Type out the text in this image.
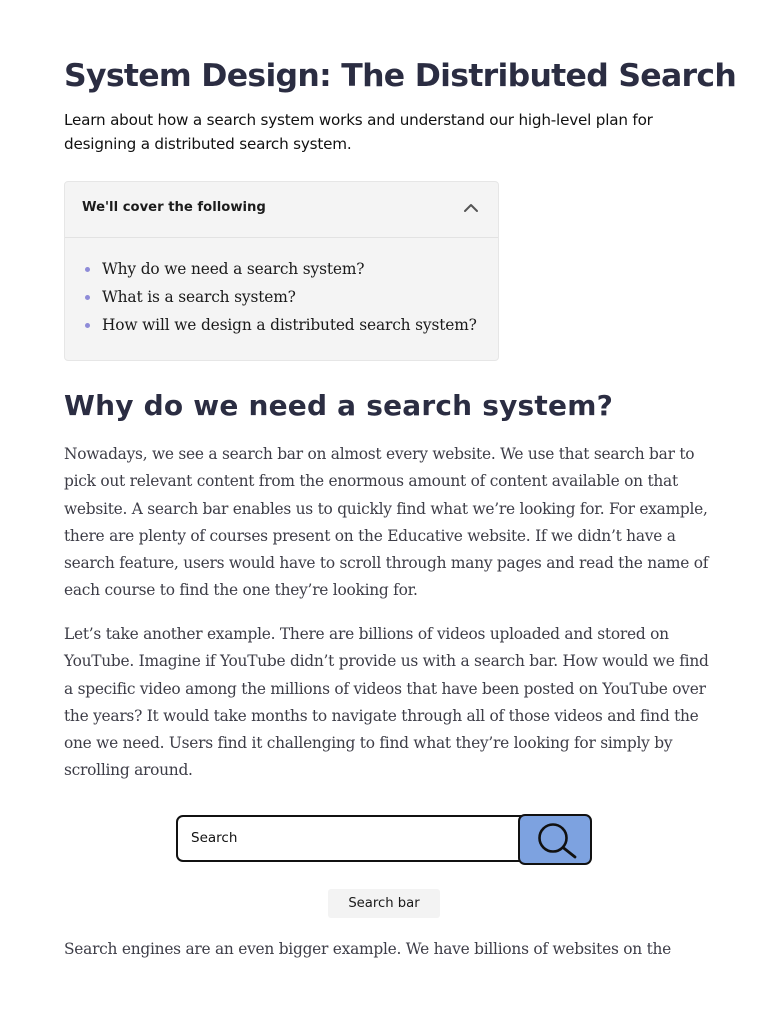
System Design: The Distributed Search

Learn about how a search system works and understand our high-level plan for designing a distributed search system.

We'll cover the following
Why do we need a search system?
What is a search system?
How will we design a distributed search system?
Why do we need a search system?

Nowadays, we see a search bar on almost every website. We use that search bar to pick out relevant content from the enormous amount of content available on that website. A search bar enables us to quickly find what we’re looking for. For example, there are plenty of courses present on the Educative website. If we didn’t have a search feature, users would have to scroll through many pages and read the name of each course to find the one they’re looking for.

Let’s take another example. There are billions of videos uploaded and stored on YouTube. Imagine if YouTube didn’t provide us with a search bar. How would we find a specific video among the millions of videos that have been posted on YouTube over the years? It would take months to navigate through all of those videos and find the one we need. Users find it challenging to find what they’re looking for simply by scrolling around.

Search
Search bar

Search engines are an even bigger example. We have billions of websites on the
